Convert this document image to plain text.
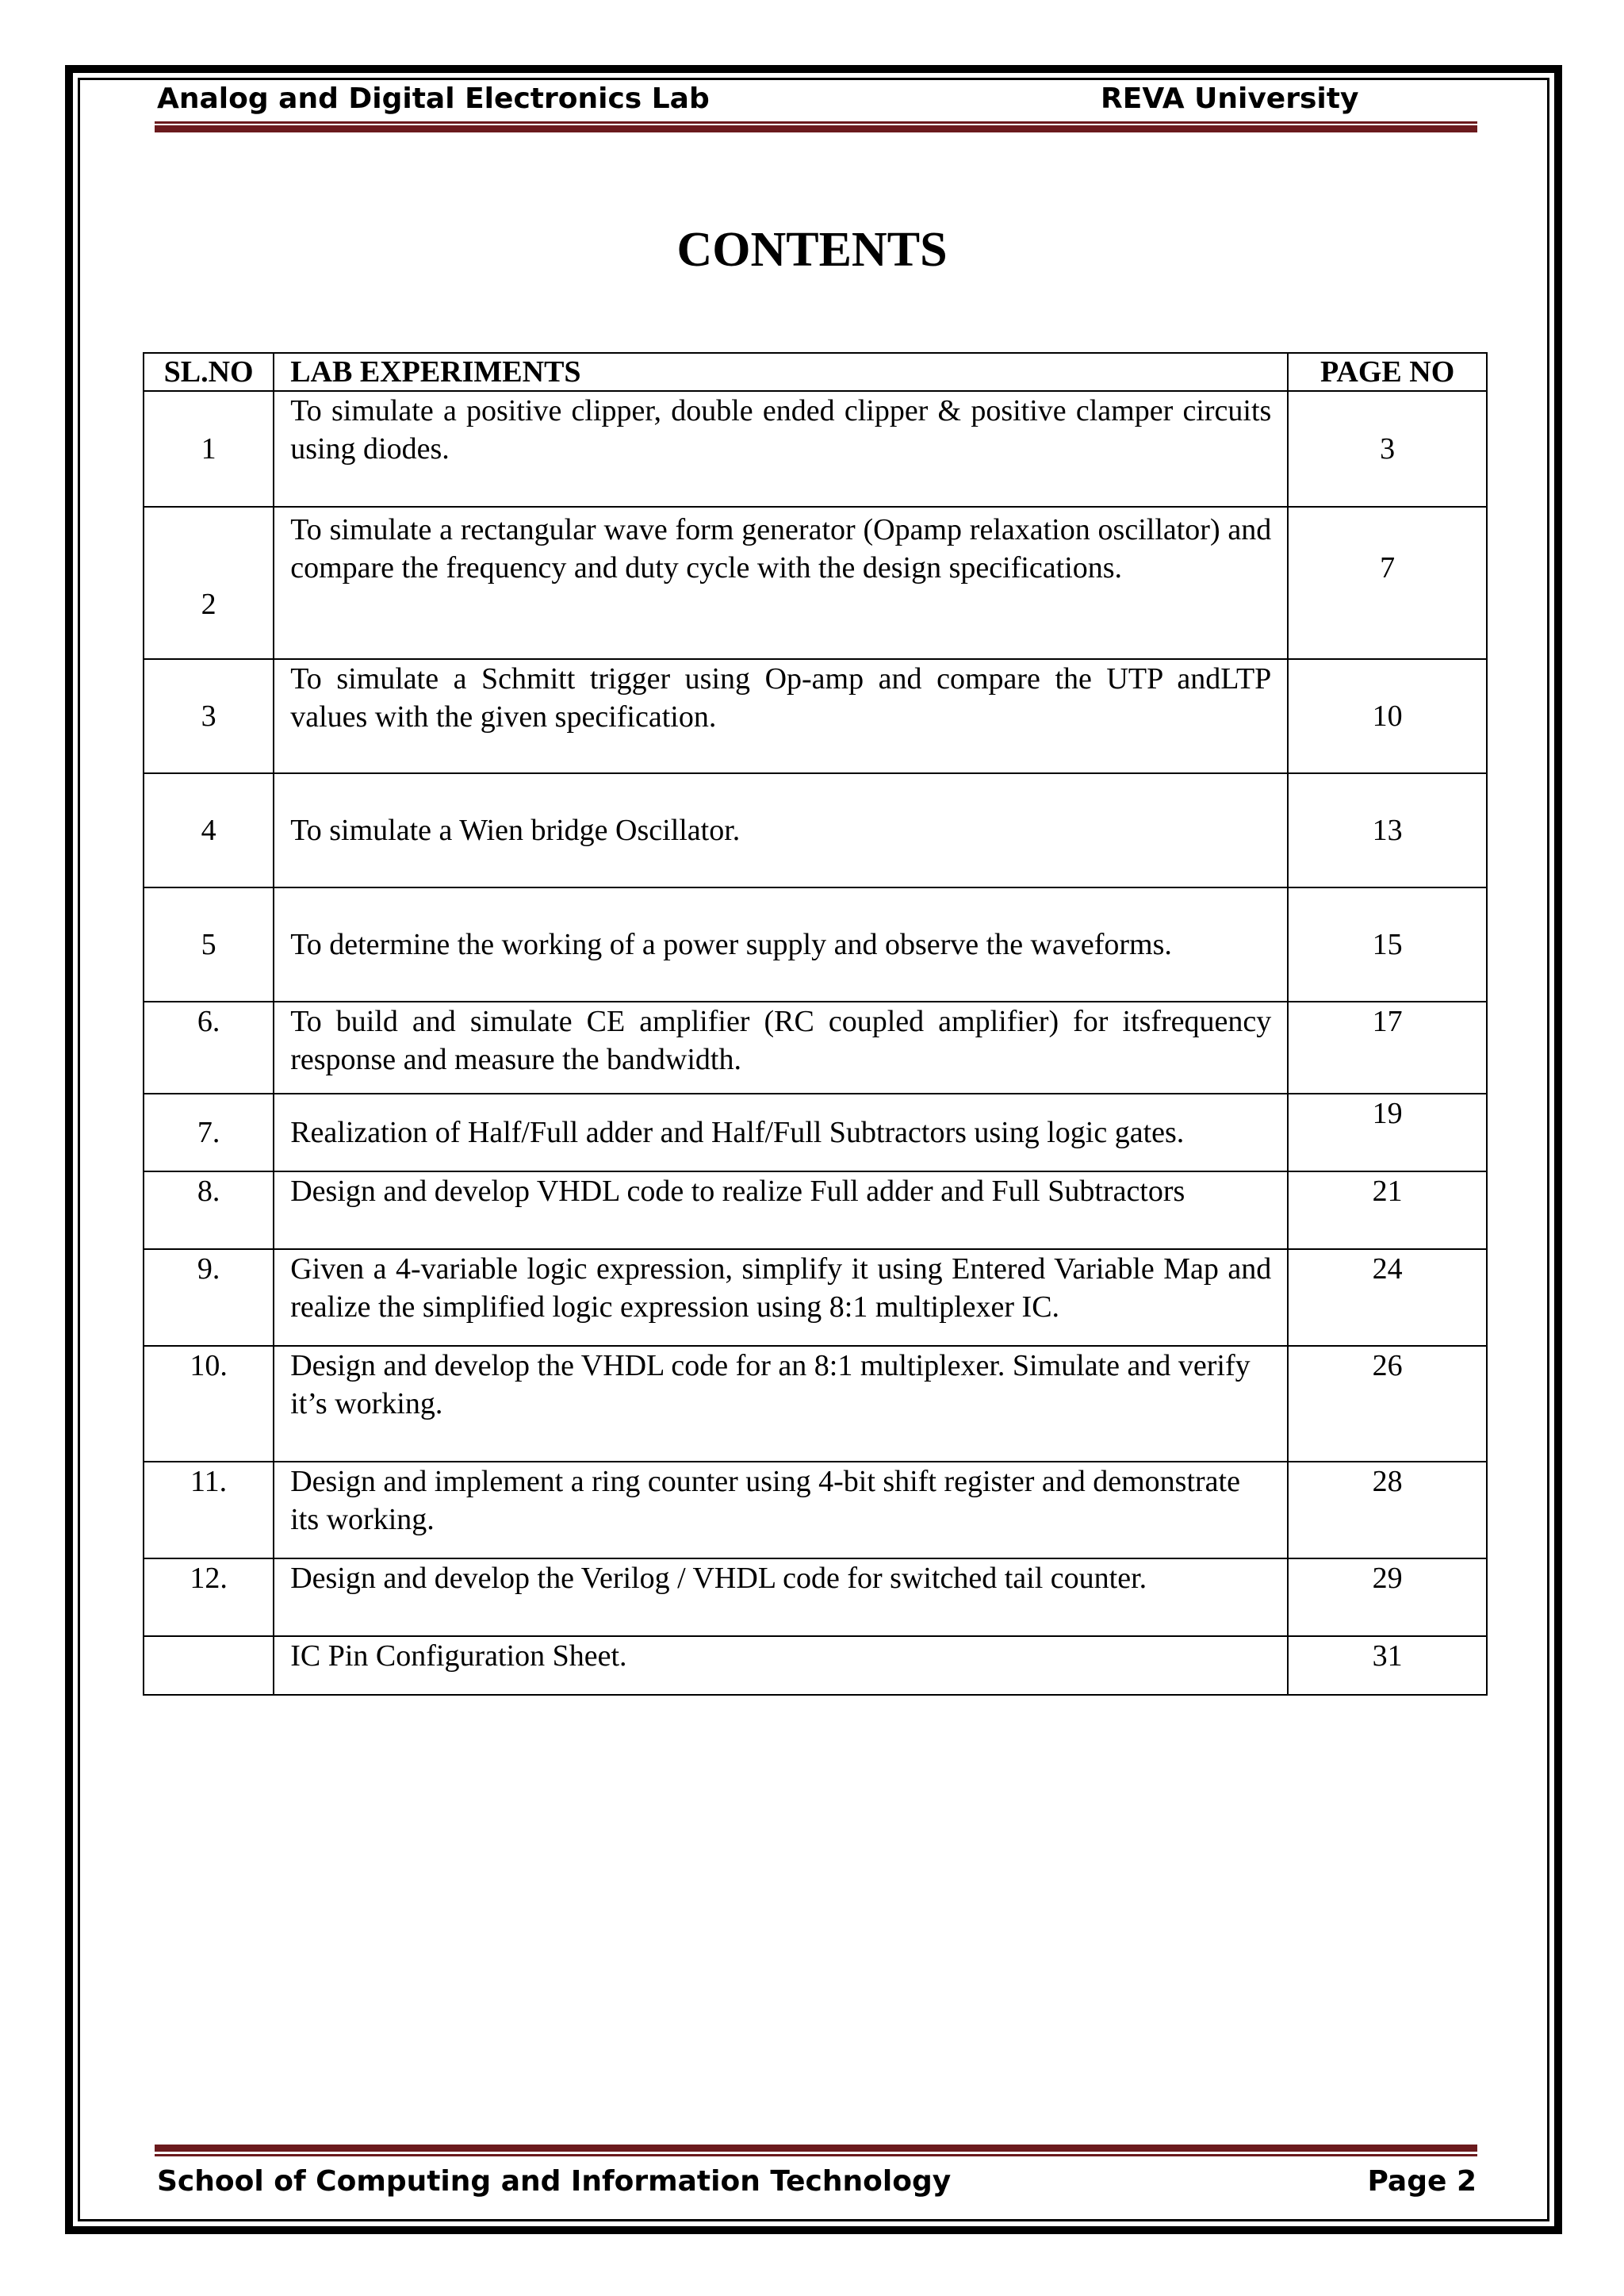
Analog and Digital Electronics Lab	REVA University
CONTENTS
SL.NO	LAB EXPERIMENTS	PAGE NO
1	To simulate a positive clipper, double ended clipper & positive clamper circuits using diodes.	3
2	To simulate a rectangular wave form generator (Opamp relaxation oscillator) and compare the frequency and duty cycle with the design specifications.	7
3	To simulate a Schmitt trigger using Op-amp and compare the UTP andLTP values with the given specification.	10
4	To simulate a Wien bridge Oscillator.	13
5	To determine the working of a power supply and observe the waveforms.	15
6.	To build and simulate CE amplifier (RC coupled amplifier) for itsfrequency response and measure the bandwidth.	17
7.	Realization of Half/Full adder and Half/Full Subtractors using logic gates.	19
8.	Design and develop VHDL code to realize Full adder and Full Subtractors	21
9.	Given a 4-variable logic expression, simplify it using Entered Variable Map and realize the simplified logic expression using 8:1 multiplexer IC.	24
10.	Design and develop the VHDL code for an 8:1 multiplexer. Simulate and verify it’s working.	26
11.	Design and implement a ring counter using 4-bit shift register and demonstrate its working.	28
12.	Design and develop the Verilog / VHDL code for switched tail counter.	29
	IC Pin Configuration Sheet.	31
School of Computing and Information Technology	Page 2
